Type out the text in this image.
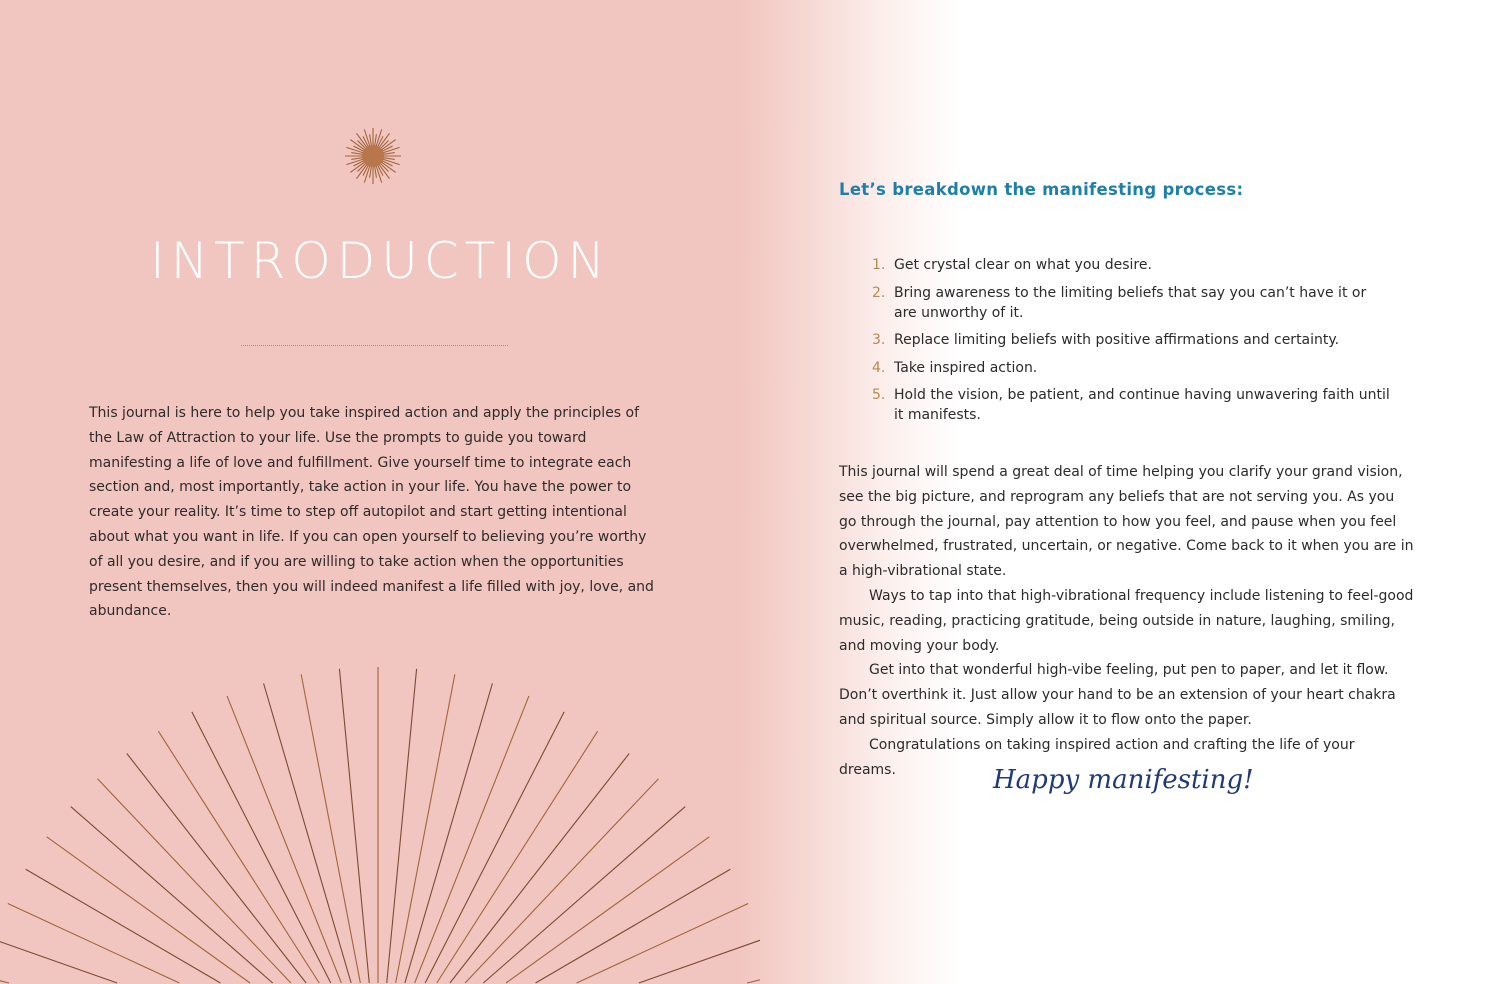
INTRODUCTION

This journal is here to help you take inspired action and apply the principles of the Law of Attraction to your life. Use the prompts to guide you toward manifesting a life of love and fulfillment. Give yourself time to integrate each section and, most importantly, take action in your life. You have the power to create your reality. It’s time to step off autopilot and start getting intentional about what you want in life. If you can open yourself to believing you’re worthy of all you desire, and if you are willing to take action when the opportunities present themselves, then you will indeed manifest a life filled with joy, love, and abundance.

Let’s breakdown the manifesting process:
1. Get crystal clear on what you desire.
2. Bring awareness to the limiting beliefs that say you can’t have it or are unworthy of it.
3. Replace limiting beliefs with positive affirmations and certainty.
4. Take inspired action.
5. Hold the vision, be patient, and continue having unwavering faith until it manifests.

This journal will spend a great deal of time helping you clarify your grand vision, see the big picture, and reprogram any beliefs that are not serving you. As you go through the journal, pay attention to how you feel, and pause when you feel overwhelmed, frustrated, uncertain, or negative. Come back to it when you are in a high-vibrational state.

Ways to tap into that high-vibrational frequency include listening to feel-good music, reading, practicing gratitude, being outside in nature, laughing, smiling, and moving your body.

Get into that wonderful high-vibe feeling, put pen to paper, and let it flow. Don’t overthink it. Just allow your hand to be an extension of your heart chakra and spiritual source. Simply allow it to flow onto the paper.

Congratulations on taking inspired action and crafting the life of your dreams.	Happy manifesting!
